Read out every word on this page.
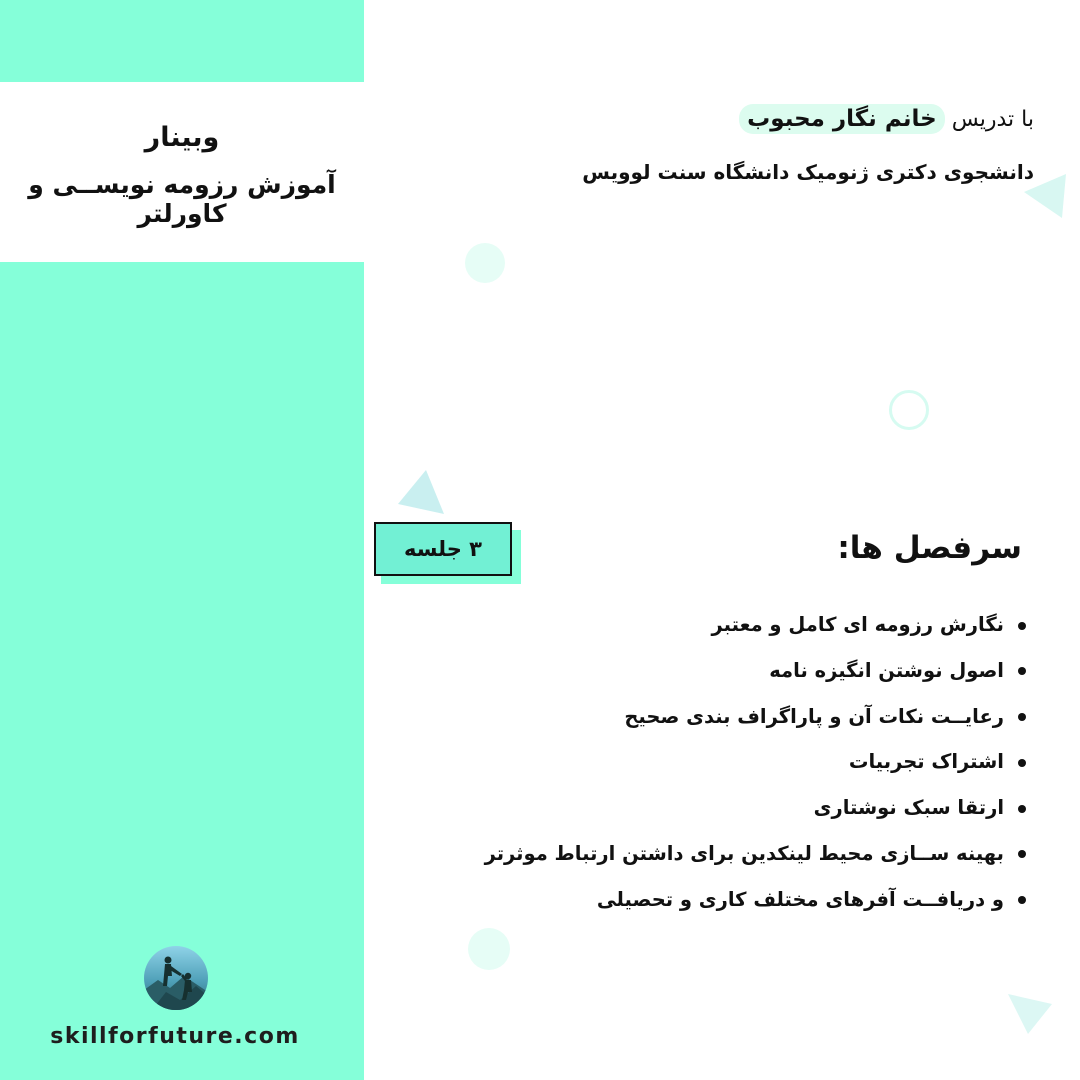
وبینار
آموزش رزومه نویســی و کاورلتر
با تدریس خانم نگار محبوب
دانشجوی دکتری ژنومیک دانشگاه سنت لوویس
۳ جلسه	سرفصل ها:
نگارش رزومه ای کامل و معتبر
اصول نوشتن انگیزه نامه
رعایــت نکات آن و پاراگراف بندی صحیح
اشتراک تجربیات
ارتقا سبک نوشتاری
بهینه ســازی محیط لینکدین برای داشتن ارتباط موثرتر
و دریافــت آفرهای مختلف کاری و تحصیلی
skillforfuture.com
